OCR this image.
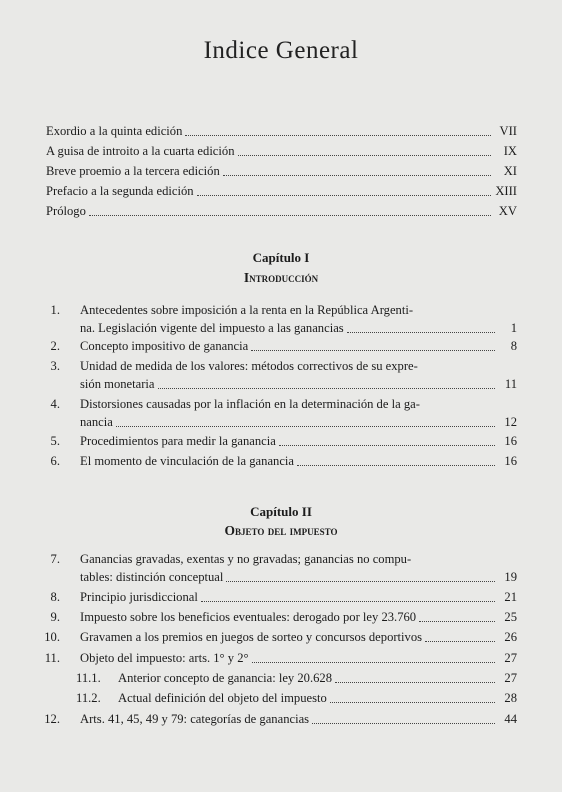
Indice General
Exordio a la quinta edición	VII
A guisa de introito a la cuarta edición	IX
Breve proemio a la tercera edición	XI
Prefacio a la segunda edición	XIII
Prólogo	XV
Capítulo I
Introducción
1. Antecedentes sobre imposición a la renta en la República Argenti-
na. Legislación vigente del impuesto a las ganancias	1
2. Concepto impositivo de ganancia	8
3. Unidad de medida de los valores: métodos correctivos de su expre-
sión monetaria	11
4. Distorsiones causadas por la inflación en la determinación de la ga-
nancia	12
5. Procedimientos para medir la ganancia	16
6. El momento de vinculación de la ganancia	16
Capítulo II
Objeto del impuesto
7. Ganancias gravadas, exentas y no gravadas; ganancias no compu-
tables: distinción conceptual	19
8. Principio jurisdiccional	21
9. Impuesto sobre los beneficios eventuales: derogado por ley 23.760	25
10. Gravamen a los premios en juegos de sorteo y concursos deportivos	26
11. Objeto del impuesto: arts. 1° y 2°	27
11.1. Anterior concepto de ganancia: ley 20.628	27
11.2. Actual definición del objeto del impuesto	28
12. Arts. 41, 45, 49 y 79: categorías de ganancias	44
